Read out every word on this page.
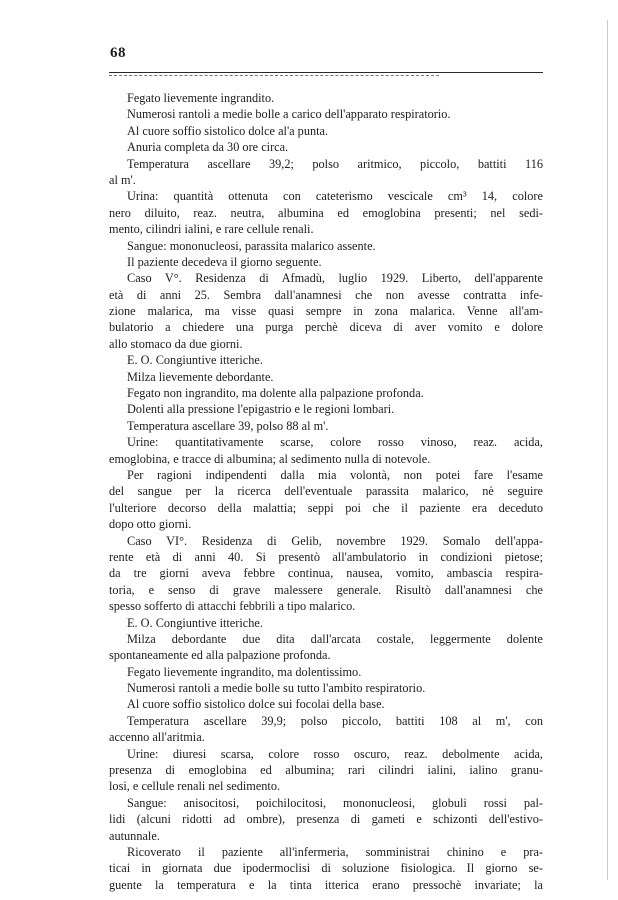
68
Fegato lievemente ingrandito.
Numerosi rantoli a medie bolle a carico dell'apparato respiratorio.
Al cuore soffio sistolico dolce al'a punta.
Anuria completa da 30 ore circa.
Temperatura ascellare 39,2; polso aritmico, piccolo, battiti 116
al m'.
Urina: quantità ottenuta con cateterismo vescicale cm³ 14, colore
nero diluito, reaz. neutra, albumina ed emoglobina presenti; nel sedi-
mento, cilindri ialini, e rare cellule renali.
Sangue: mononucleosi, parassita malarico assente.
Il paziente decedeva il giorno seguente.
Caso V°. Residenza di Afmadù, luglio 1929. Liberto, dell'apparente
età di anni 25. Sembra dall'anamnesi che non avesse contratta infe-
zione malarica, ma visse quasi sempre in zona malarica. Venne all'am-
bulatorio a chiedere una purga perchè diceva di aver vomito e dolore
allo stomaco da due giorni.
E. O. Congiuntive itteriche.
Milza lievemente debordante.
Fegato non ingrandito, ma dolente alla palpazione profonda.
Dolenti alla pressione l'epigastrio e le regioni lombari.
Temperatura ascellare 39, polso 88 al m'.
Urine: quantitativamente scarse, colore rosso vinoso, reaz. acida,
emoglobina, e tracce di albumina; al sedimento nulla di notevole.
Per ragioni indipendenti dalla mia volontà, non potei fare l'esame
del sangue per la ricerca dell'eventuale parassita malarico, nè seguire
l'ulteriore decorso della malattia; seppi poi che il paziente era deceduto
dopo otto giorni.
Caso VI°. Residenza di Gelib, novembre 1929. Somalo dell'appa-
rente età di anni 40. Si presentò all'ambulatorio in condizioni pietose;
da tre giorni aveva febbre continua, nausea, vomito, ambascia respira-
toria, e senso di grave malessere generale. Risultò dall'anamnesi che
spesso sofferto di attacchi febbrili a tipo malarico.
E. O. Congiuntive itteriche.
Milza debordante due dita dall'arcata costale, leggermente dolente
spontaneamente ed alla palpazione profonda.
Fegato lievemente ingrandito, ma dolentissimo.
Numerosi rantoli a medie bolle su tutto l'ambito respiratorio.
Al cuore soffio sistolico dolce sui focolai della base.
Temperatura ascellare 39,9; polso piccolo, battiti 108 al m', con
accenno all'aritmia.
Urine: diuresi scarsa, colore rosso oscuro, reaz. debolmente acida,
presenza di emoglobina ed albumina; rari cilindri ialini, ialino granu-
losi, e cellule renali nel sedimento.
Sangue: anisocitosi, poichilocitosi, mononucleosi, globuli rossi pal-
lidi (alcuni ridotti ad ombre), presenza di gameti e schizonti dell'estivo-
autunnale.
Ricoverato il paziente all'infermeria, somministrai chinino e pra-
ticai in giornata due ipodermoclisi di soluzione fisiologica. Il giorno se-
guente la temperatura e la tinta itterica erano pressochè invariate; la
